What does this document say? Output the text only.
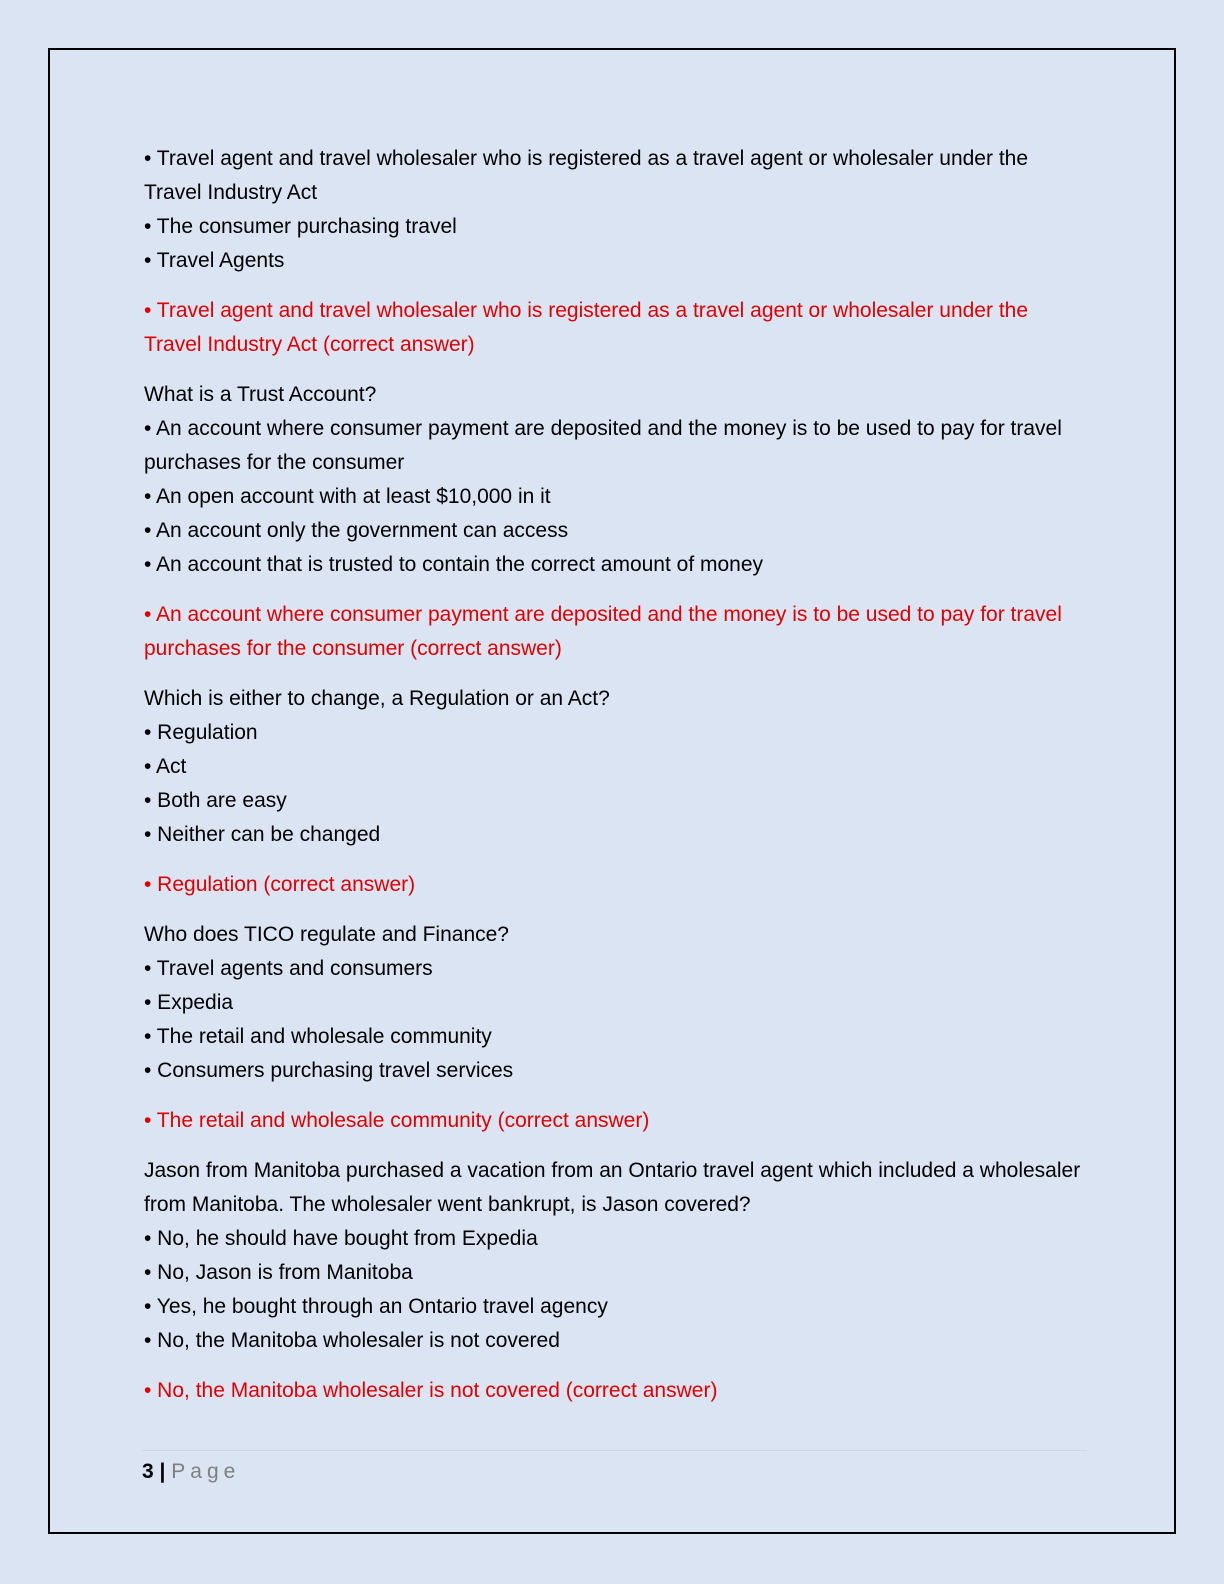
• Travel agent and travel wholesaler who is registered as a travel agent or wholesaler under the Travel Industry Act

• The consumer purchasing travel

• Travel Agents

• Travel agent and travel wholesaler who is registered as a travel agent or wholesaler under the Travel Industry Act (correct answer)

What is a Trust Account?

• An account where consumer payment are deposited and the money is to be used to pay for travel purchases for the consumer

• An open account with at least $10,000 in it

• An account only the government can access

• An account that is trusted to contain the correct amount of money

• An account where consumer payment are deposited and the money is to be used to pay for travel purchases for the consumer (correct answer)

Which is either to change, a Regulation or an Act?

• Regulation

• Act

• Both are easy

• Neither can be changed

• Regulation (correct answer)

Who does TICO regulate and Finance?

• Travel agents and consumers

• Expedia

• The retail and wholesale community

• Consumers purchasing travel services

• The retail and wholesale community (correct answer)

Jason from Manitoba purchased a vacation from an Ontario travel agent which included a wholesaler from Manitoba. The wholesaler went bankrupt, is Jason covered?

• No, he should have bought from Expedia

• No, Jason is from Manitoba

• Yes, he bought through an Ontario travel agency

• No, the Manitoba wholesaler is not covered

• No, the Manitoba wholesaler is not covered (correct answer)

3 | Page
